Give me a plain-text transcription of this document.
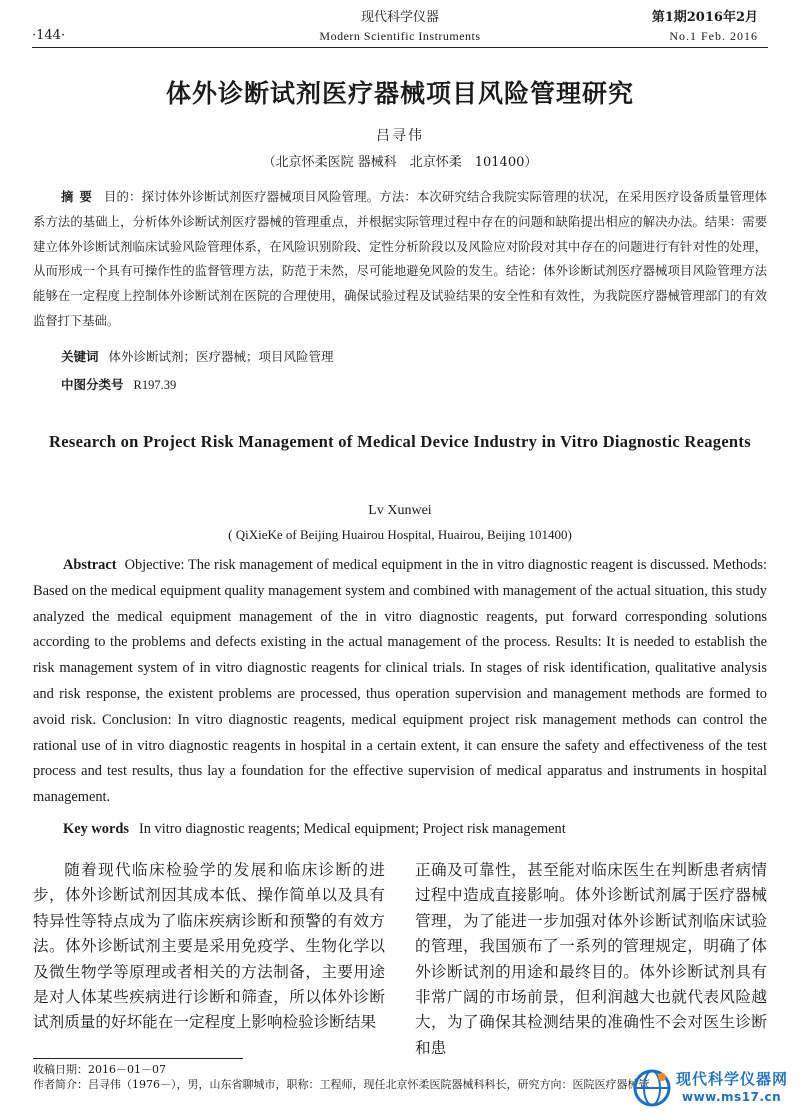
·144·
现代科学仪器
Modern Scientific Instruments
第1期2016年2月
No.1 Feb. 2016
体外诊断试剂医疗器械项目风险管理研究
吕寻伟
（北京怀柔医院 器械科　北京怀柔　101400）
摘要 目的：探讨体外诊断试剂医疗器械项目风险管理。方法：本次研究结合我院实际管理的状况，在采用医疗设备质量管理体系方法的基础上，分析体外诊断试剂医疗器械的管理重点，并根据实际管理过程中存在的问题和缺陷提出相应的解决办法。结果：需要建立体外诊断试剂临床试验风险管理体系，在风险识别阶段、定性分析阶段以及风险应对阶段对其中存在的问题进行有针对性的处理，从而形成一个具有可操作性的监督管理方法，防范于未然，尽可能地避免风险的发生。结论：体外诊断试剂医疗器械项目风险管理方法能够在一定程度上控制体外诊断试剂在医院的合理使用，确保试验过程及试验结果的安全性和有效性，为我院医疗器械管理部门的有效监督打下基础。
关键词 体外诊断试剂；医疗器械；项目风险管理
中图分类号 R197.39
Research on Project Risk Management of Medical Device Industry in Vitro Diagnostic Reagents
Lv Xunwei
( QiXieKe of Beijing Huairou Hospital, Huairou, Beijing 101400)
Abstract Objective: The risk management of medical equipment in the in vitro diagnostic reagent is discussed. Methods: Based on the medical equipment quality management system and combined with management of the actual situation, this study analyzed the medical equipment management of the in vitro diagnostic reagents, put forward corresponding solutions according to the problems and defects existing in the actual management of the process. Results: It is needed to establish the risk management system of in vitro diagnostic reagents for clinical trials. In stages of risk identification, qualitative analysis and risk response, the existent problems are processed, thus operation supervision and management methods are formed to avoid risk. Conclusion: In vitro diagnostic reagents, medical equipment project risk management methods can control the rational use of in vitro diagnostic reagents in hospital in a certain extent, it can ensure the safety and effectiveness of the test process and test results, thus lay a foundation for the effective supervision of medical apparatus and instruments in hospital management.
Key words In vitro diagnostic reagents; Medical equipment; Project risk management
随着现代临床检验学的发展和临床诊断的进步，体外诊断试剂因其成本低、操作简单以及具有特异性等特点成为了临床疾病诊断和预警的有效方法。体外诊断试剂主要是采用免疫学、生物化学以及微生物学等原理或者相关的方法制备，主要用途是对人体某些疾病进行诊断和筛查，所以体外诊断试剂质量的好坏能在一定程度上影响检验诊断结果
正确及可靠性，甚至能对临床医生在判断患者病情过程中造成直接影响。体外诊断试剂属于医疗器械管理，为了能进一步加强对体外诊断试剂临床试验的管理，我国颁布了一系列的管理规定，明确了体外诊断试剂的用途和最终目的。体外诊断试剂具有非常广阔的市场前景，但利润越大也就代表风险越大，为了确保其检测结果的准确性不会对医生诊断和患
收稿日期：2016－01－07
作者简介：吕寻伟（1976－），男，山东省聊城市，职称：工程师，现任北京怀柔医院器械科科长，研究方向：医院医疗器械管	现代科学仪器网
www.ms17.cn
